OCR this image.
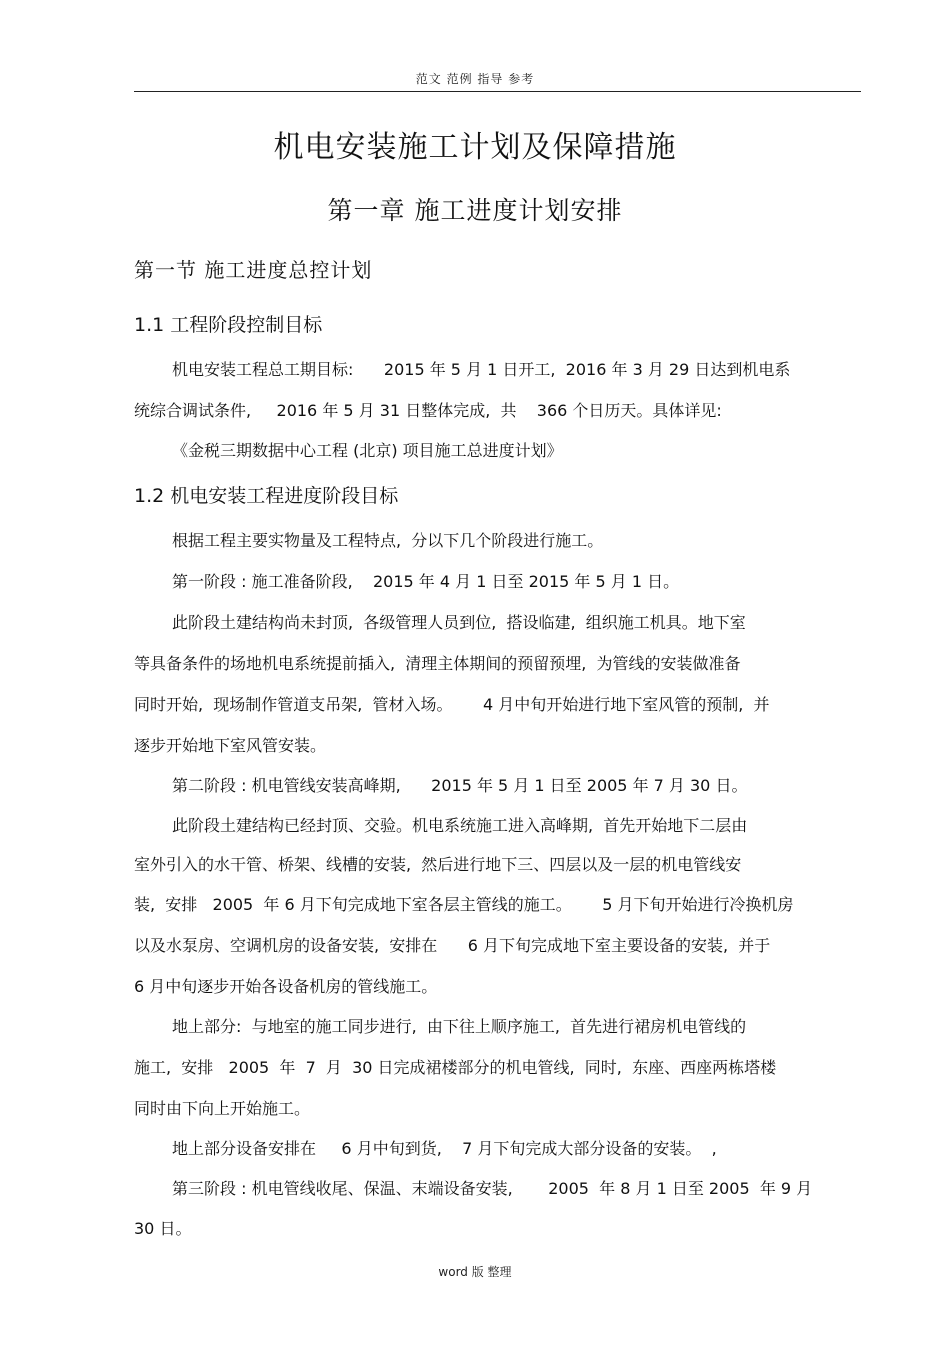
范文 范例 指导 参考
机电安装施工计划及保障措施
第一章 施工进度计划安排
第一节 施工进度总控计划
1.1 工程阶段控制目标
机电安装工程总工期目标:      2015 年 5 月 1 日开工,  2016 年 3 月 29 日达到机电系
统综合调试条件,     2016 年 5 月 31 日整体完成,  共    366 个日历天。具体详见:
《金税三期数据中心工程 (北京) 项目施工总进度计划》
1.2 机电安装工程进度阶段目标
根据工程主要实物量及工程特点,  分以下几个阶段进行施工。
第一阶段 : 施工准备阶段,    2015 年 4 月 1 日至 2015 年 5 月 1 日。
此阶段土建结构尚未封顶,  各级管理人员到位,  搭设临建,  组织施工机具。地下室
等具备条件的场地机电系统提前插入,  清理主体期间的预留预埋,  为管线的安装做准备
同时开始,  现场制作管道支吊架,  管材入场。      4 月中旬开始进行地下室风管的预制,  并
逐步开始地下室风管安装。
第二阶段 : 机电管线安装高峰期,      2015 年 5 月 1 日至 2005 年 7 月 30 日。
此阶段土建结构已经封顶、交验。机电系统施工进入高峰期,  首先开始地下二层由
室外引入的水干管、桥架、线槽的安装,  然后进行地下三、四层以及一层的机电管线安
装,  安排   2005  年 6 月下旬完成地下室各层主管线的施工。      5 月下旬开始进行冷换机房
以及水泵房、空调机房的设备安装,  安排在      6 月下旬完成地下室主要设备的安装,  并于
6 月中旬逐步开始各设备机房的管线施工。
地上部分:  与地室的施工同步进行,  由下往上顺序施工,  首先进行裙房机电管线的
施工,  安排   2005  年  7  月  30 日完成裙楼部分的机电管线,  同时,  东座、西座两栋塔楼
同时由下向上开始施工。
地上部分设备安排在     6 月中旬到货,    7 月下旬完成大部分设备的安装。  ,
第三阶段 : 机电管线收尾、保温、末端设备安装,       2005  年 8 月 1 日至 2005  年 9 月
30 日。
word 版 整理
